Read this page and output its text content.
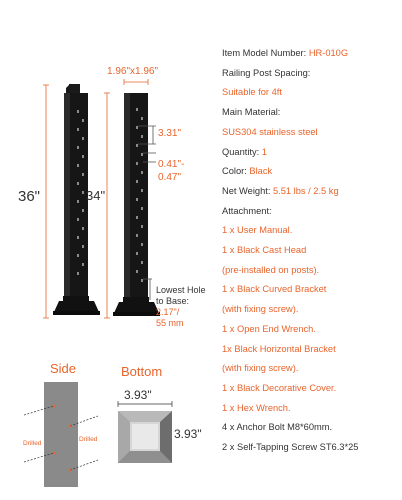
1.96"x1.96"
36"	34"
3.31"
0.41"-
0.47"
Lowest Hole
to Base:
2.17"/
55 mm
Side	Bottom
Drilled
Drilled
3.93"
3.93"
Item Model Number: HR-010G
Railing Post Spacing:
Suitable for 4ft
Main Material:
SUS304 stainless steel
Quantity: 1
Color: Black
Net Weight: 5.51 lbs / 2.5 kg
Attachment:
1 x User Manual.
1 x Black Cast Head
(pre-installed on posts).
1 x Black Curved Bracket
(with fixing screw).
1 x Open End Wrench.
1x Black Horizontal Bracket
(with fixing screw).
1 x Black Decorative Cover.
1 x Hex Wrench.
4 x Anchor Bolt M8*60mm.
2 x Self-Tapping Screw ST6.3*25
